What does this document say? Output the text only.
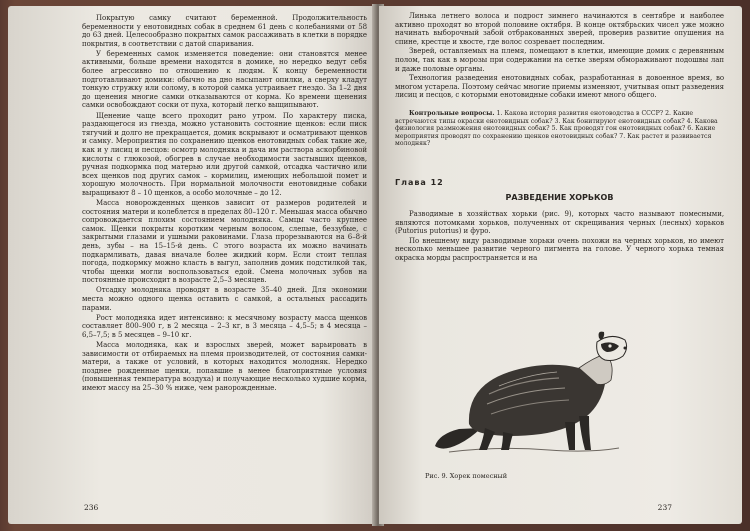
Покрытую самку считают беременной. Продолжительность беременности у енотовидных собак в среднем 61 день с колебаниями от 58 до 63 дней. Целесообразно покрытых самок рассаживать в клетки в порядке покрытия, в соответствии с датой спаривания.

У беременных самок изменяется поведение: они становятся менее активными, больше времени находятся в домике, но нередко ведут себя более агрессивно по отношению к людям. К концу беременности подготавливают домики: обычно на дно насыпают опилки, а сверху кладут тонкую стружку или солому, в которой самка устраивает гнездо. За 1–2 дня до щенения многие самки отказываются от корма. Ко времени щенения самки освобождают соски от пуха, который легко выщипывают.

Щенение чаще всего проходит рано утром. По характеру писка, раздающегося из гнезда, можно установить состояние щенков: если писк тягучий и долго не прекращается, домик вскрывают и осматривают щенков и самку. Мероприятия по сохранению щенков енотовидных собак такие же, как и у лисиц и песцов: осмотр молодняка и дача им раствора аскорбиновой кислоты с глюкозой, обогрев в случае необходимости застывших щенков, ручная подкормка под матерью или другой самкой, отсадка частично или всех щенков под других самок – кормилиц, имеющих небольшой помет и хорошую молочность. При нормальной молочности енотовидные собаки выращивают 8 – 10 щенков, а особо молочные – до 12.

Масса новорожденных щенков зависит от размеров родителей и состояния матери и колеблется в пределах 80–120 г. Меньшая масса обычно сопровождается плохим состоянием молодняка. Самцы часто крупнее самок. Щенки покрыты коротким черным волосом, слепые, беззубые, с закрытыми глазами и ушными раковинами. Глаза прорезываются на 6–8-й день, зубы – на 15–15-й день. С этого возраста их можно начинать подкармливать, давая вначале более жидкий корм. Если стоит теплая погода, подкормку можно класть в выгул, заполнив домик подстилкой так, чтобы щенки могли воспользоваться едой. Смена молочных зубов на постоянные происходит в возрасте 2,5–3 месяцев.

Отсадку молодняка проводят в возрасте 35–40 дней. Для экономии места можно одного щенка оставить с самкой, а остальных рассадить парами.

Рост молодняка идет интенсивно: к месячному возрасту масса щенков составляет 800–900 г, в 2 месяца – 2–3 кг, в 3 месяца – 4,5–5; в 4 месяца – 6,5–7,5; в 5 месяцев – 9–10 кг.

Масса молодняка, как и взрослых зверей, может варьировать в зависимости от отбираемых на племя производителей, от состояния самки-матери, а также от условий, в которых находится молодняк. Нередко позднее рожденные щенки, попавшие в менее благоприятные условия (повышенная температура воздуха) и получающие несколько худшие корма, имеют массу на 25–30 % ниже, чем ранорожденные.

236

Линька летнего волоса и подрост зимнего начинаются в сентябре и наиболее активно проходят во второй половине октября. В конце октябрьских чисел уже можно начинать выборочный забой отбракованных зверей, проверив развитие опушения на спине, крестце и хвосте, где волос созревает последним.

Зверей, оставляемых на племя, помещают в клетки, имеющие домик с деревянным полом, так как в морозы при содержании на сетке зверям обмораживают подошвы лап и даже половые органы.

Технология разведения енотовидных собак, разработанная в довоенное время, во многом устарела. Поэтому сейчас многие приемы изменяют, учитывая опыт разведения лисиц и песцов, с которыми енотовидные собаки имеют много общего.

Контрольные вопросы. 1. Какова история развития енотоводства в СССР? 2. Какие встречаются типы окраски енотовидных собак? 3. Как бонитируют енотовидных собак? 4. Какова физиология размножения енотовидных собак? 5. Как проводят гон енотовидных собак? 6. Какие мероприятия проводят по сохранению щенков енотовидных собак? 7. Как растет и развивается молодняк?
Глава 12
РАЗВЕДЕНИЕ ХОРЬКОВ

Разводимые в хозяйствах хорьки (рис. 9), которых часто называют помесными, являются потомками хорьков, полученных от скрещивания черных (лесных) хорьков (Putorius putorius) и фуро.

По внешнему виду разводимые хорьки очень похожи на черных хорьков, но имеют несколько меньшее развитие черного пигмента на голове. У черного хорька темная окраска морды распространяется и на

Рис. 9. Хорек помесный
237
